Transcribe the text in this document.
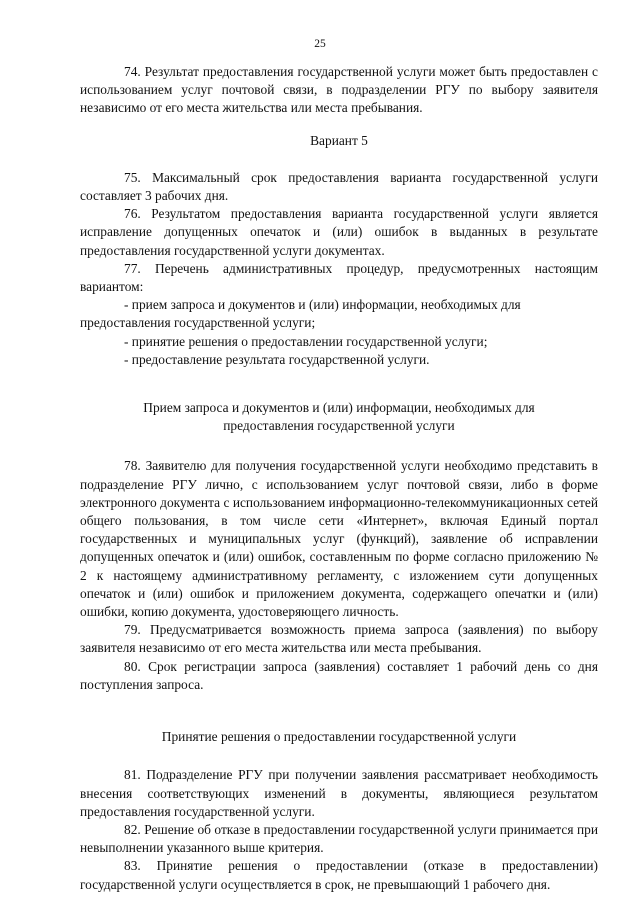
25

74. Результат предоставления государственной услуги может быть предоставлен с использованием услуг почтовой связи, в подразделении РГУ по выбору заявителя независимо от его места жительства или места пребывания.

Вариант 5

75. Максимальный срок предоставления варианта государственной услуги составляет 3 рабочих дня.

76. Результатом предоставления варианта государственной услуги является исправление допущенных опечаток и (или) ошибок в выданных в результате предоставления государственной услуги документах.

77. Перечень административных процедур, предусмотренных настоящим вариантом:

- прием запроса и документов и (или) информации, необходимых для предоставления государственной услуги;

- принятие решения о предоставлении государственной услуги;

- предоставление результата государственной услуги.

Прием запроса и документов и (или) информации, необходимых для

предоставления государственной услуги

78. Заявителю для получения государственной услуги необходимо представить в подразделение РГУ лично, с использованием услуг почтовой связи, либо в форме электронного документа с использованием информационно-телекоммуникационных сетей общего пользования, в том числе сети «Интернет», включая Единый портал государственных и муниципальных услуг (функций), заявление об исправлении допущенных опечаток и (или) ошибок, составленным по форме согласно приложению № 2 к настоящему административному регламенту, с изложением сути допущенных опечаток и (или) ошибок и приложением документа, содержащего опечатки и (или) ошибки, копию документа, удостоверяющего личность.

79. Предусматривается возможность приема запроса (заявления) по выбору заявителя независимо от его места жительства или места пребывания.

80. Срок регистрации запроса (заявления) составляет 1 рабочий день со дня поступления запроса.

Принятие решения о предоставлении государственной услуги

81. Подразделение РГУ при получении заявления рассматривает необходимость внесения соответствующих изменений в документы, являющиеся результатом предоставления государственной услуги.

82. Решение об отказе в предоставлении государственной услуги принимается при невыполнении указанного выше критерия.

83. Принятие решения о предоставлении (отказе в предоставлении) государственной услуги осуществляется в срок, не превышающий 1 рабочего дня.
